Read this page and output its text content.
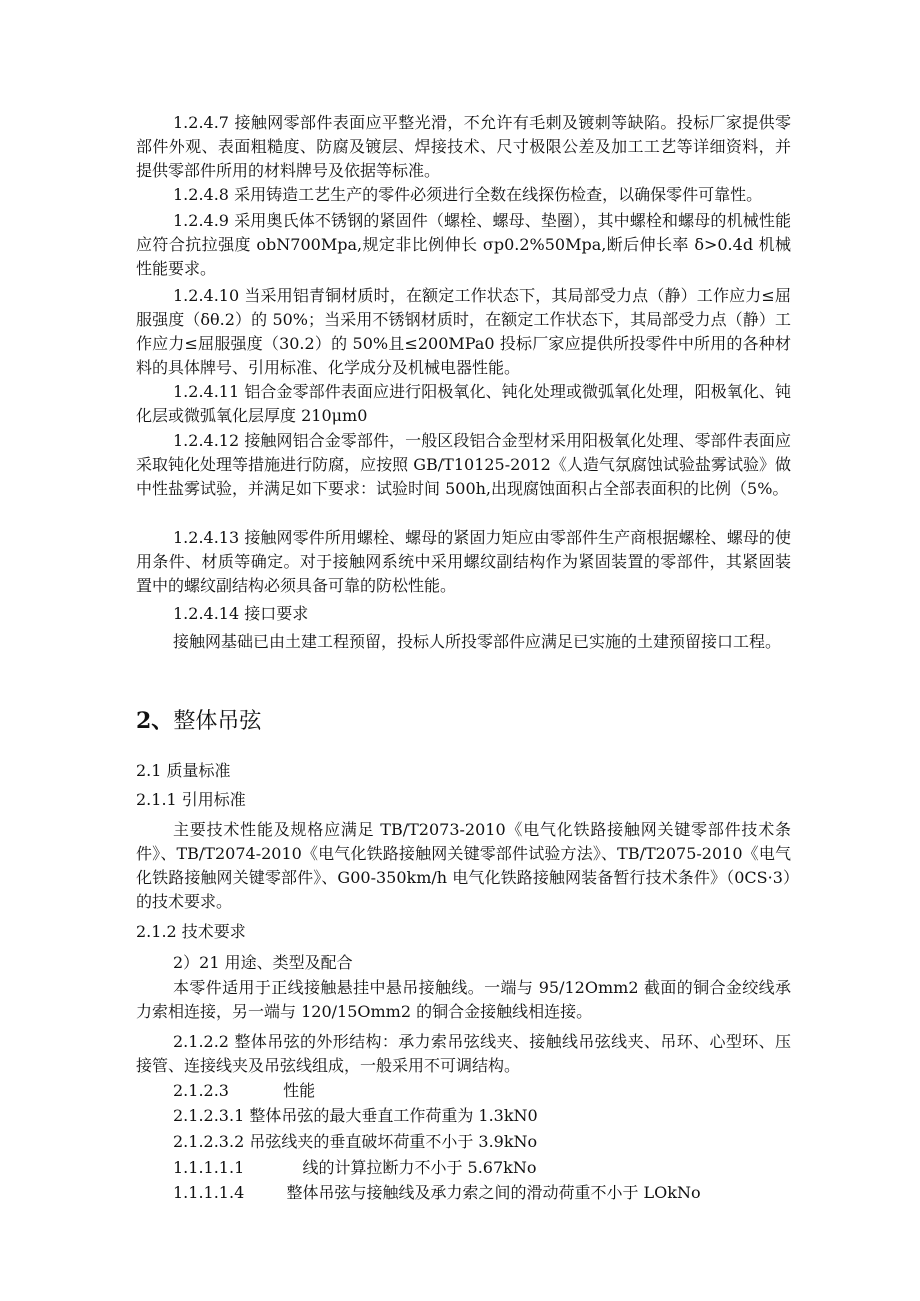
1.2.4.7 接触网零部件表面应平整光滑，不允许有毛刺及镀刺等缺陷。投标厂家提供零部件外观、表面粗糙度、防腐及镀层、焊接技术、尺寸极限公差及加工工艺等详细资料，并提供零部件所用的材料牌号及依据等标准。

1.2.4.8 采用铸造工艺生产的零件必须进行全数在线探伤检查，以确保零件可靠性。

1.2.4.9 采用奥氏体不锈钢的紧固件（螺栓、螺母、垫圈），其中螺栓和螺母的机械性能应符合抗拉强度 obN700Mpa,规定非比例伸长 σp0.2%50Mpa,断后伸长率 δ>0.4d 机械性能要求。

1.2.4.10 当采用铝青铜材质时，在额定工作状态下，其局部受力点（静）工作应力≤屈服强度（δθ.2）的 50%；当采用不锈钢材质时，在额定工作状态下，其局部受力点（静）工作应力≤屈服强度（30.2）的 50%且≤200MPa0 投标厂家应提供所投零件中所用的各种材料的具体牌号、引用标准、化学成分及机械电器性能。

1.2.4.11 铝合金零部件表面应进行阳极氧化、钝化处理或微弧氧化处理，阳极氧化、钝化层或微弧氧化层厚度 210μm0

1.2.4.12 接触网铝合金零部件，一般区段铝合金型材采用阳极氧化处理、零部件表面应采取钝化处理等措施进行防腐，应按照 GB/T10125-2012《人造气氛腐蚀试验盐雾试验》做中性盐雾试验，并满足如下要求：试验时间 500h,出现腐蚀面积占全部表面积的比例（5%。

1.2.4.13 接触网零件所用螺栓、螺母的紧固力矩应由零部件生产商根据螺栓、螺母的使用条件、材质等确定。对于接触网系统中采用螺纹副结构作为紧固装置的零部件，其紧固装置中的螺纹副结构必须具备可靠的防松性能。

1.2.4.14 接口要求

接触网基础已由土建工程预留，投标人所投零部件应满足已实施的土建预留接口工程。

2、整体吊弦

2.1 质量标准

2.1.1 引用标准

主要技术性能及规格应满足 TB/T2073-2010《电气化铁路接触网关键零部件技术条件》、TB/T2074-2010《电气化铁路接触网关键零部件试验方法》、TB/T2075-2010《电气化铁路接触网关键零部件》、G00-350km∕h 电气化铁路接触网装备暂行技术条件》（0CS·3）的技术要求。

2.1.2 技术要求

2）21 用途、类型及配合

本零件适用于正线接触悬挂中悬吊接触线。一端与 95/12Omm2 截面的铜合金绞线承力索相连接，另一端与 120/15Omm2 的铜合金接触线相连接。

2.1.2.2 整体吊弦的外形结构：承力索吊弦线夹、接触线吊弦线夹、吊环、心型环、压接管、连接线夹及吊弦线组成，一般采用不可调结构。

2.1.2.3	性能

2.1.2.3.1 整体吊弦的最大垂直工作荷重为 1.3kN0

2.1.2.3.2 吊弦线夹的垂直破坏荷重不小于 3.9kNo

1.1.1.1.1	线的计算拉断力不小于 5.67kNo

1.1.1.1.4	整体吊弦与接触线及承力索之间的滑动荷重不小于 LOkNo
